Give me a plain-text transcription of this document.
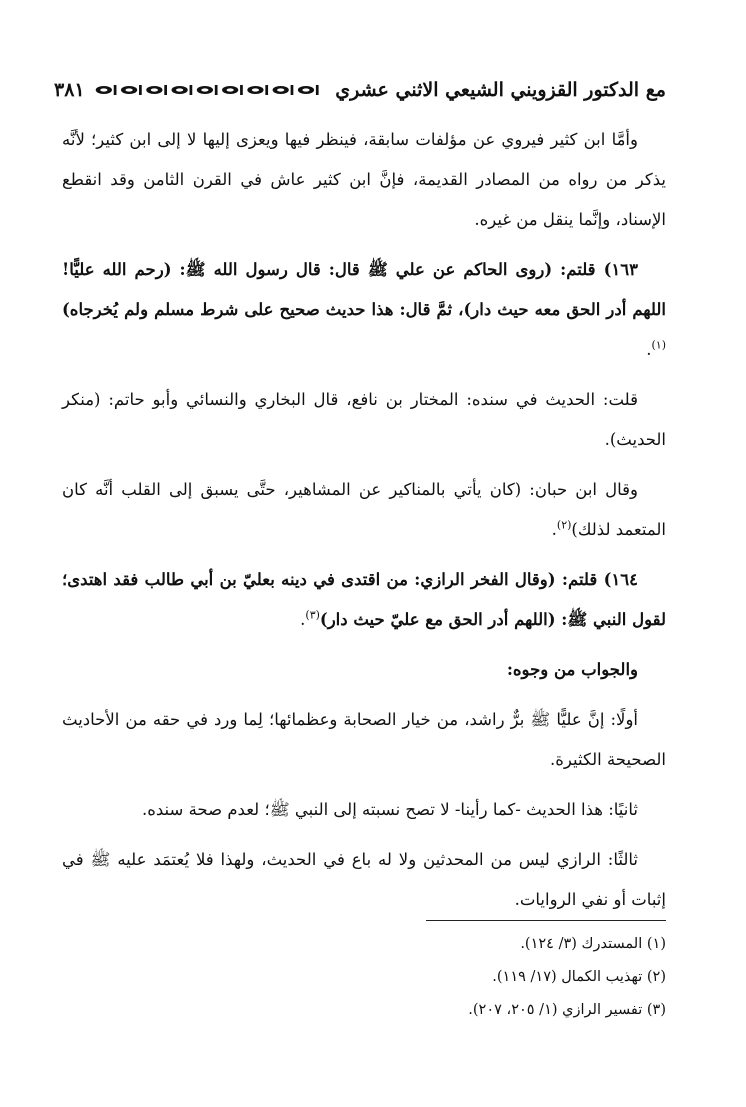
مع الدكتور القزويني الشيعي الاثني عشري
٣٨١

وأمَّا ابن كثير فيروي عن مؤلفات سابقة، فينظر فيها ويعزى إليها لا إلى ابن كثير؛ لأنَّه يذكر من رواه من المصادر القديمة، فإنَّ ابن كثير عاش في القرن الثامن وقد انقطع الإسناد، وإنَّما ينقل من غيره.

١٦٣) قلتم: (روى الحاكم عن علي ﷺ قال: قال رسول الله ﷺ: (رحم الله عليًّا! اللهم أدر الحق معه حيث دار)، ثمَّ قال: هذا حديث صحيح على شرط مسلم ولم يُخرجاه)$^{(١)}$.

قلت: الحديث في سنده: المختار بن نافع، قال البخاري والنسائي وأبو حاتم: (منكر الحديث).

وقال ابن حبان: (كان يأتي بالمناكير عن المشاهير، حتَّى يسبق إلى القلب أنَّه كان المتعمد لذلك)$^{(٢)}$.

١٦٤) قلتم: (وقال الفخر الرازي: من اقتدى في دينه بعليّ بن أبي طالب فقد اهتدى؛ لقول النبي ﷺ: (اللهم أدر الحق مع عليّ حيث دار)$^{(٣)}$.

والجواب من وجوه:

أولًا: إنَّ عليًّا ﷺ برٌّ راشد، من خيار الصحابة وعظمائها؛ لِما ورد في حقه من الأحاديث الصحيحة الكثيرة.

ثانيًا: هذا الحديث -كما رأينا- لا تصح نسبته إلى النبي ﷺ؛ لعدم صحة سنده.

ثالثًا: الرازي ليس من المحدثين ولا له باع في الحديث، ولهذا فلا يُعتمَد عليه ﷺ في إثبات أو نفي الروايات.

(١) المستدرك (٣/ ١٢٤).

(٢) تهذيب الكمال (١٧/ ١١٩).

(٣) تفسير الرازي (١/ ٢٠٥، ٢٠٧).
